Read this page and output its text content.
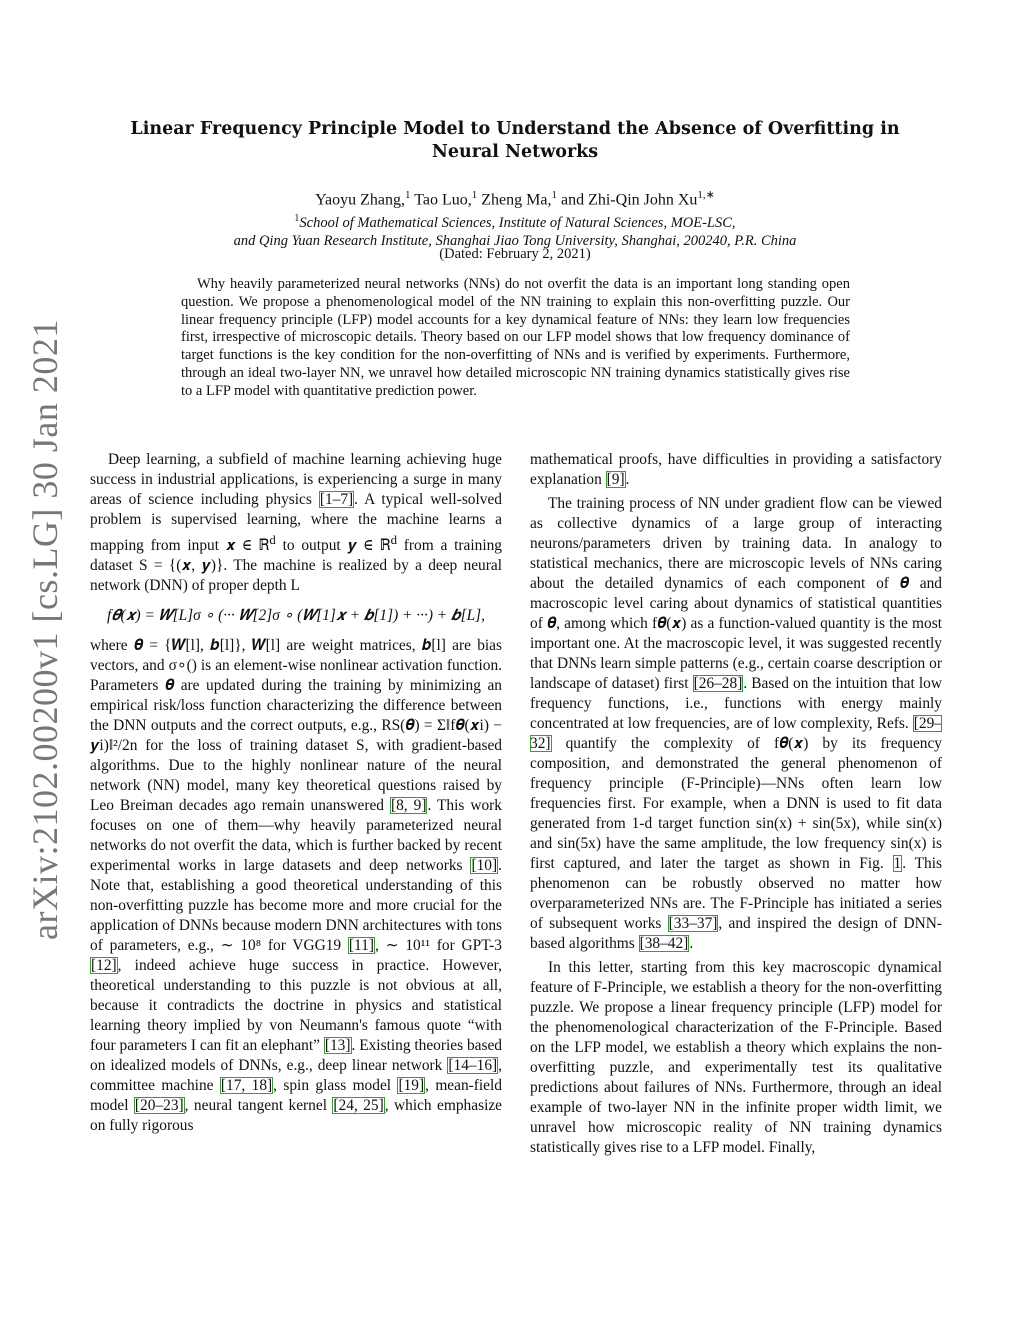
arXiv:2102.00200v1 [cs.LG] 30 Jan 2021
Linear Frequency Principle Model to Understand the Absence of Overfitting in
Neural Networks
Yaoyu Zhang,$^1$ Tao Luo,$^1$ Zheng Ma,$^1$ and Zhi-Qin John $Xu^{1,∗}$
$^1$School of Mathematical Sciences, Institute of Natural Sciences, MOE-LSC,
and Qing Yuan Research Institute, Shanghai Jiao Tong University, Shanghai, 200240, P.R. China
(Dated: February 2, 2021)
Why heavily parameterized neural networks (NNs) do not overfit the data is an important long standing open question. We propose a phenomenological model of the NN training to explain this non-overfitting puzzle. Our linear frequency principle (LFP) model accounts for a key dynamical feature of NNs: they learn low frequencies first, irrespective of microscopic details. Theory based on our LFP model shows that low frequency dominance of target functions is the key condition for the non-overfitting of NNs and is verified by experiments. Furthermore, through an ideal two-layer NN, we unravel how detailed microscopic NN training dynamics statistically gives rise to a LFP model with quantitative prediction power.

Deep learning, a subfield of machine learning achieving huge success in industrial applications, is experiencing a surge in many areas of science including physics [1–7]. A typical well-solved problem is supervised learning, where the machine learns a mapping from input 𝒙 ∈ ℝ$^d$ to output 𝒚 ∈ ℝ$^d$ from a training dataset S = {(𝒙, 𝒚)}. The machine is realized by a deep neural network (DNN) of proper depth L

f𝜽(𝒙) = 𝑾[L]σ ∘ (··· 𝑾[2]σ ∘ (𝑾[1]𝒙 + 𝒃[1]) + ···) + 𝒃[L],

where 𝜽 = {𝑾[l], 𝒃[l]}, 𝑾[l] are weight matrices, 𝒃[l] are bias vectors, and σ∘() is an element-wise nonlinear activation function. Parameters 𝜽 are updated during the training by minimizing an empirical risk/loss function characterizing the difference between the DNN outputs and the correct outputs, e.g., RS(𝜽) = Σ‖f𝜽(𝒙i) − 𝒚i)‖²/2n for the loss of training dataset S, with gradient-based algorithms. Due to the highly nonlinear nature of the neural network (NN) model, many key theoretical questions raised by Leo Breiman decades ago remain unanswered [8, 9]. This work focuses on one of them—why heavily parameterized neural networks do not overfit the data, which is further backed by recent experimental works in large datasets and deep networks [10]. Note that, establishing a good theoretical understanding of this non-overfitting puzzle has become more and more crucial for the application of DNNs because modern DNN architectures with tons of parameters, e.g., ∼ 10⁸ for VGG19 [11], ∼ 10¹¹ for GPT-3 [12], indeed achieve huge success in practice. However, theoretical understanding to this puzzle is not obvious at all, because it contradicts the doctrine in physics and statistical learning theory implied by von Neumann's famous quote “with four parameters I can fit an elephant” [13]. Existing theories based on idealized models of DNNs, e.g., deep linear network [14–16], committee machine [17, 18], spin glass model [19], mean-field model [20–23], neural tangent kernel [24, 25], which emphasize on fully rigorous

mathematical proofs, have difficulties in providing a satisfactory explanation [9].

The training process of NN under gradient flow can be viewed as collective dynamics of a large group of interacting neurons/parameters driven by training data. In analogy to statistical mechanics, there are microscopic levels of NNs caring about the detailed dynamics of each component of 𝜽 and macroscopic level caring about dynamics of statistical quantities of 𝜽, among which f𝜽(𝒙) as a function-valued quantity is the most important one. At the macroscopic level, it was suggested recently that DNNs learn simple patterns (e.g., certain coarse description or landscape of dataset) first [26–28]. Based on the intuition that low frequency functions, i.e., functions with energy mainly concentrated at low frequencies, are of low complexity, Refs. [29–32] quantify the complexity of f𝜽(𝒙) by its frequency composition, and demonstrated the general phenomenon of frequency principle (F-Principle)—NNs often learn low frequencies first. For example, when a DNN is used to fit data generated from 1-d target function sin(x) + sin(5x), while sin(x) and sin(5x) have the same amplitude, the low frequency sin(x) is first captured, and later the target as shown in Fig. 1. This phenomenon can be robustly observed no matter how overparameterized NNs are. The F-Principle has initiated a series of subsequent works [33–37], and inspired the design of DNN-based algorithms [38–42].

In this letter, starting from this key macroscopic dynamical feature of F-Principle, we establish a theory for the non-overfitting puzzle. We propose a linear frequency principle (LFP) model for the phenomenological characterization of the F-Principle. Based on the LFP model, we establish a theory which explains the non-overfitting puzzle, and experimentally test its qualitative predictions about failures of NNs. Furthermore, through an ideal example of two-layer NN in the infinite proper width limit, we unravel how microscopic reality of NN training dynamics statistically gives rise to a LFP model. Finally,
